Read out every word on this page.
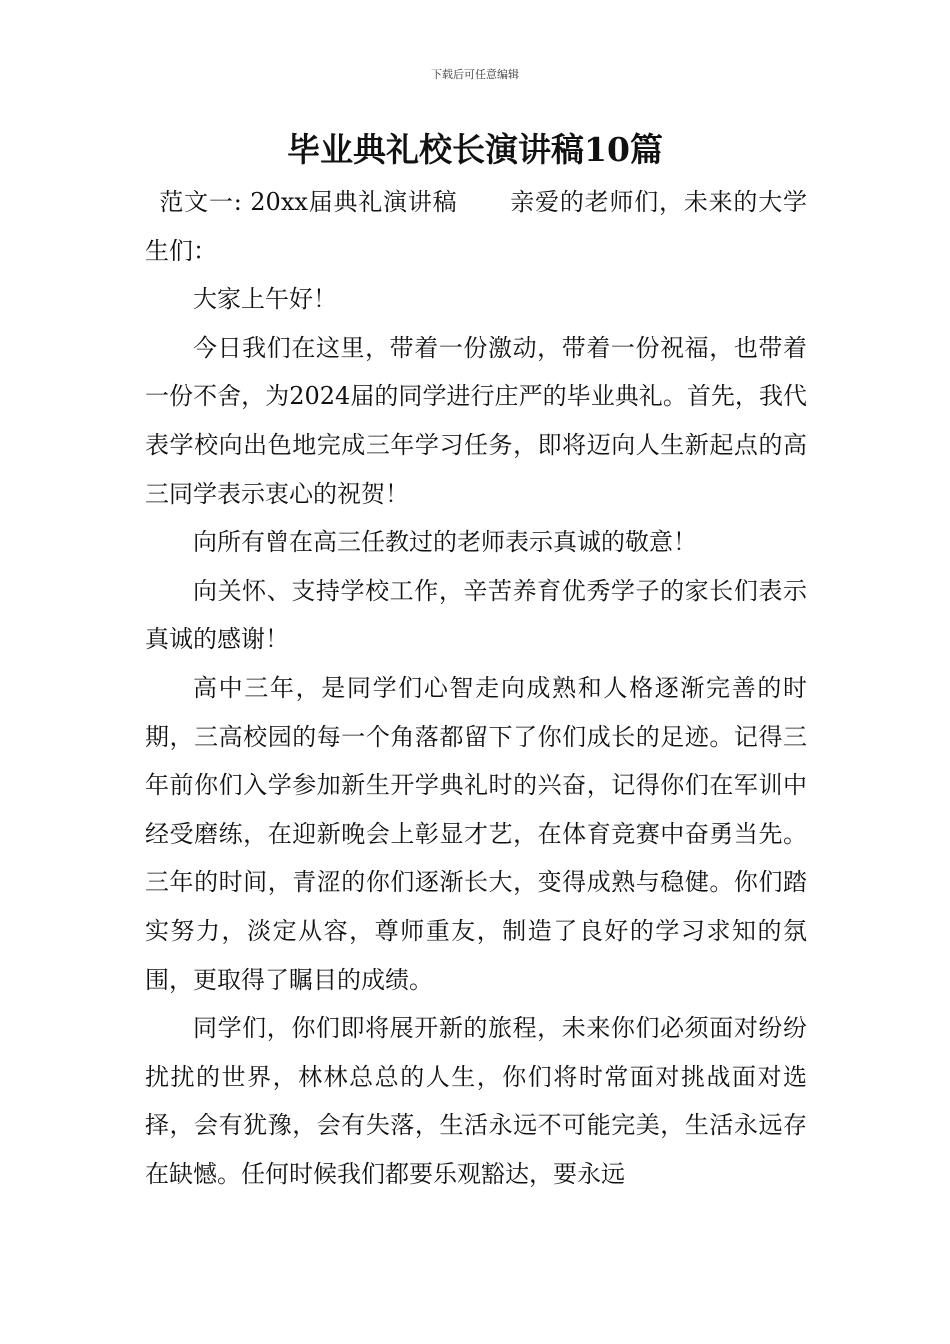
下载后可任意编辑
毕业典礼校长演讲稿10篇

范文一: 20xx届典礼演讲稿 亲爱的老师们，未来的大学生们：

大家上午好！

今日我们在这里，带着一份激动，带着一份祝福，也带着一份不舍，为2024届的同学进行庄严的毕业典礼。首先，我代表学校向出色地完成三年学习任务，即将迈向人生新起点的高三同学表示衷心的祝贺！

向所有曾在高三任教过的老师表示真诚的敬意！

向关怀、支持学校工作，辛苦养育优秀学子的家长们表示真诚的感谢！

高中三年，是同学们心智走向成熟和人格逐渐完善的时期，三高校园的每一个角落都留下了你们成长的足迹。记得三年前你们入学参加新生开学典礼时的兴奋，记得你们在军训中经受磨练，在迎新晚会上彰显才艺，在体育竞赛中奋勇当先。三年的时间，青涩的你们逐渐长大，变得成熟与稳健。你们踏实努力，淡定从容，尊师重友，制造了良好的学习求知的氛围，更取得了瞩目的成绩。

同学们，你们即将展开新的旅程，未来你们必须面对纷纷扰扰的世界，林林总总的人生，你们将时常面对挑战面对选择，会有犹豫，会有失落，生活永远不可能完美，生活永远存在缺憾。任何时候我们都要乐观豁达，要永远
